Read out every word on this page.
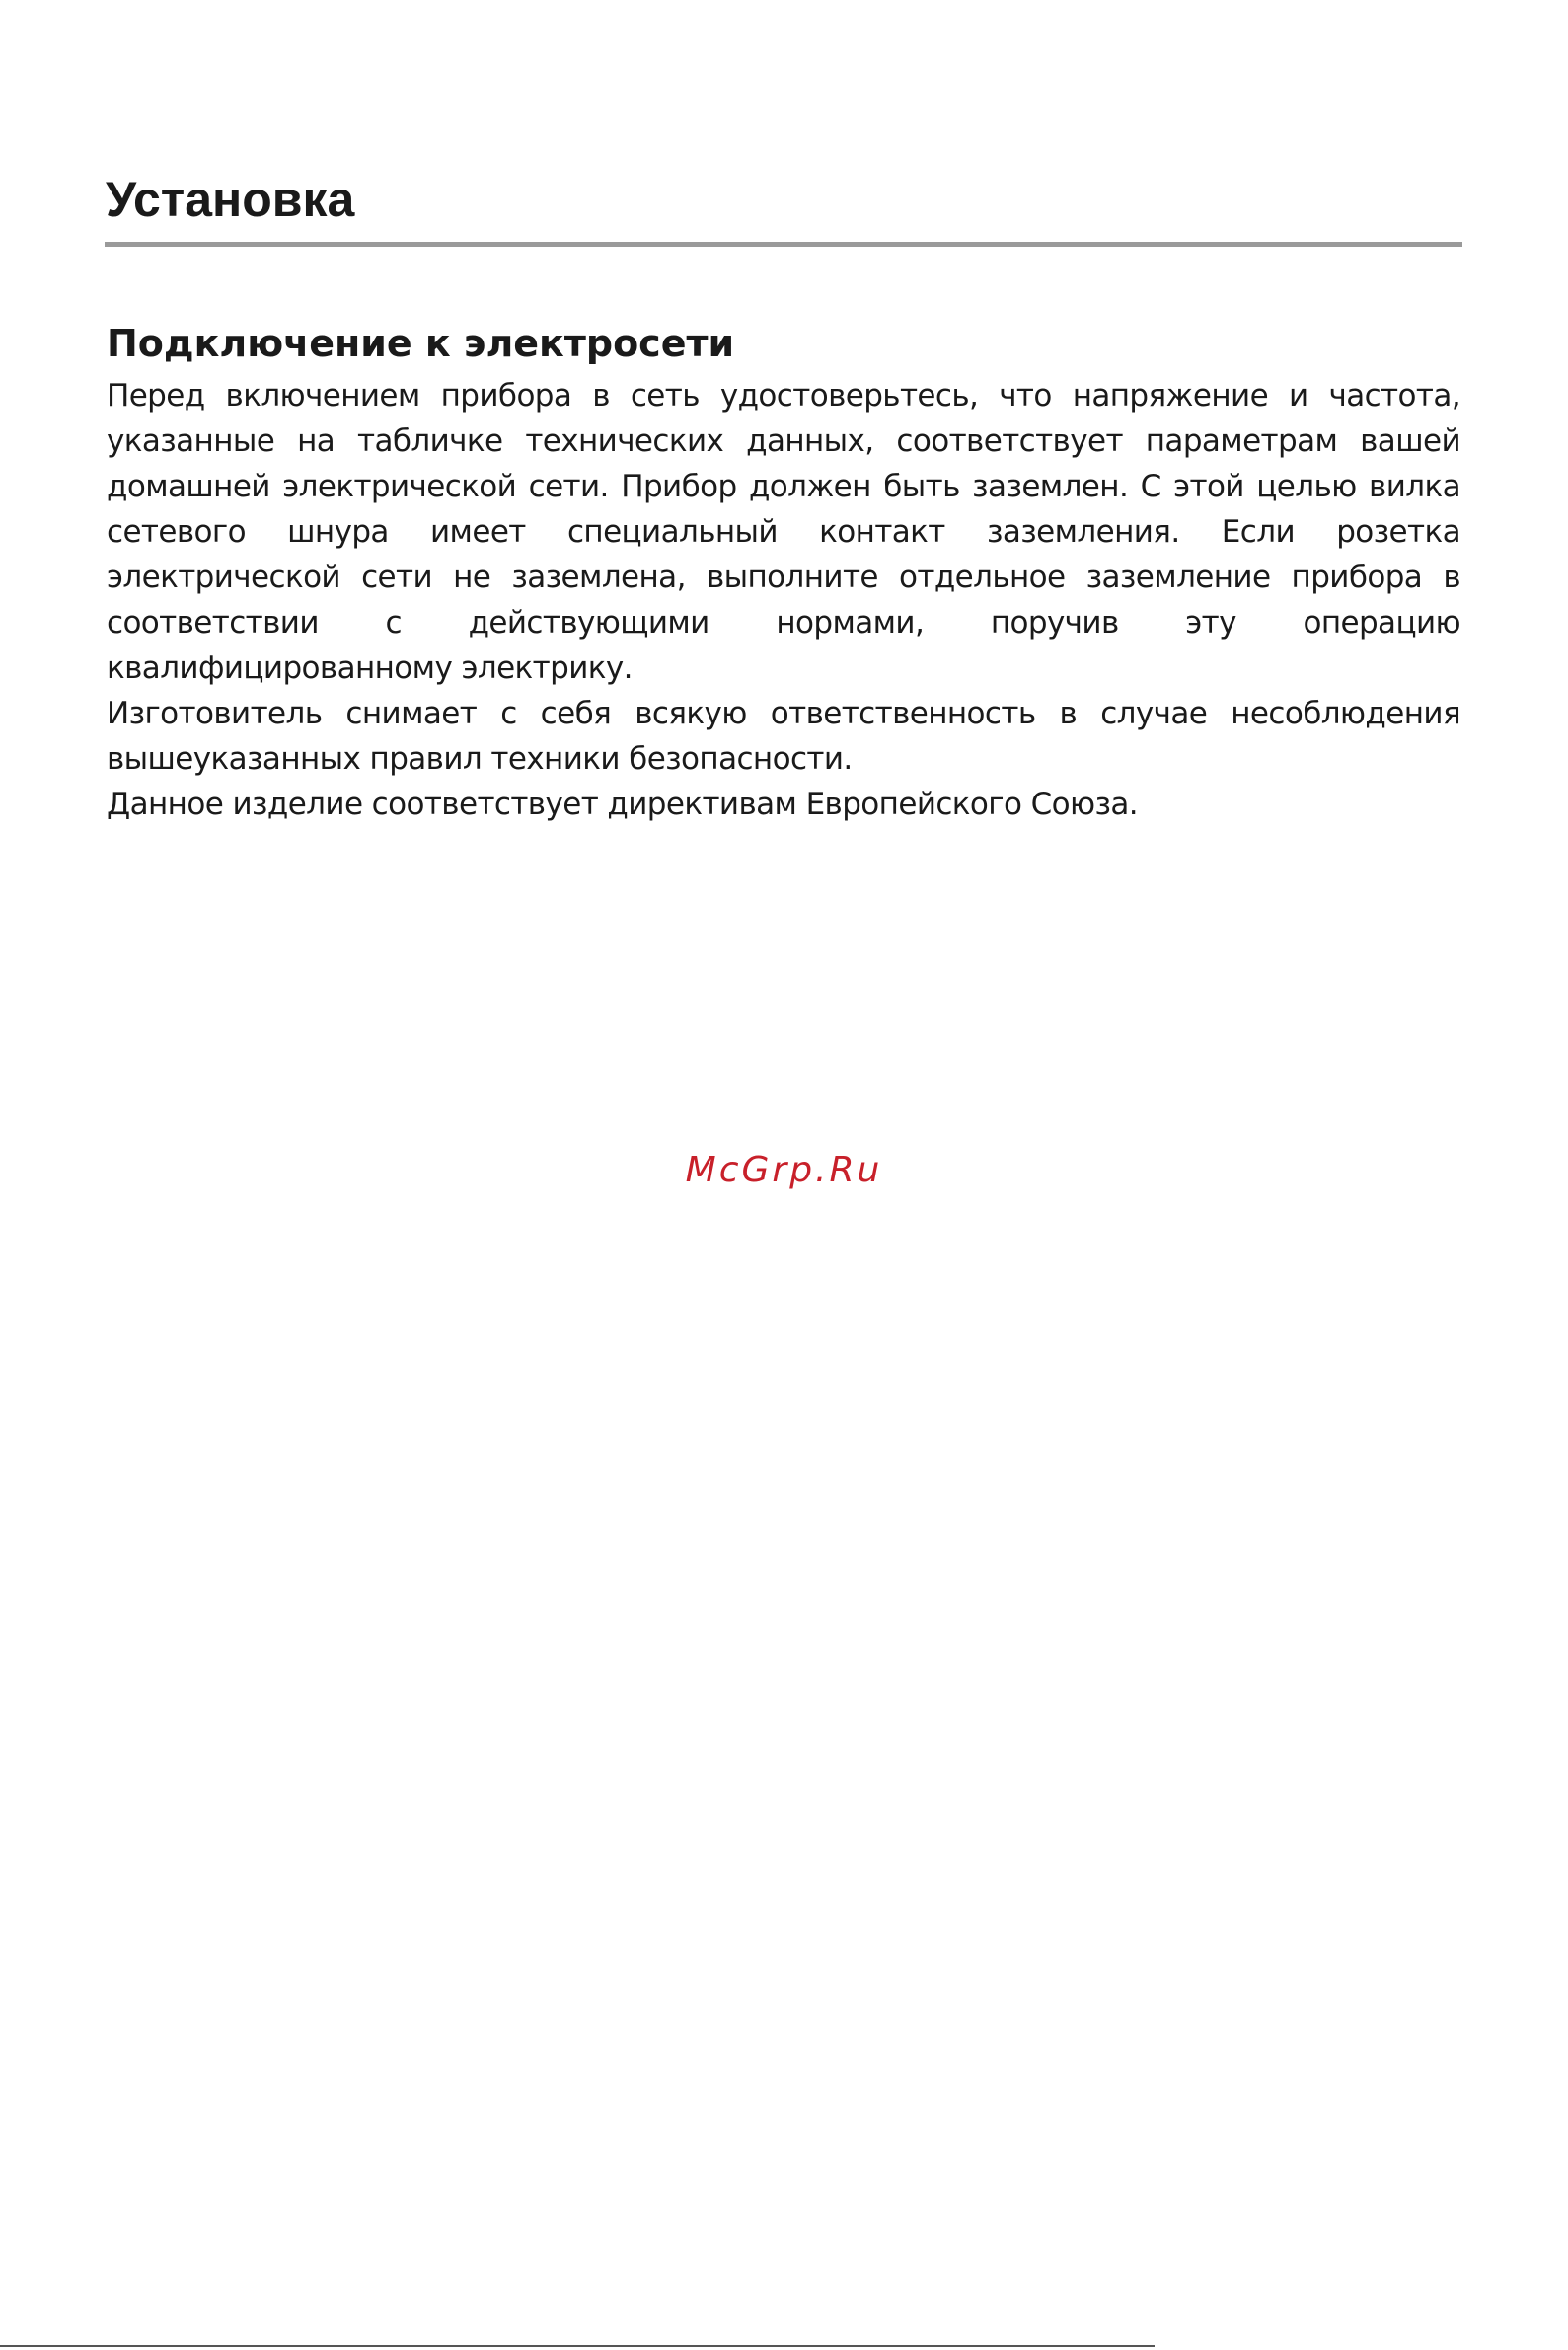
Установка
Подключение к электросети

Перед включением прибора в сеть удостоверьтесь, что напряжение и частота, указанные на табличке технических данных, соответствует параметрам вашей домашней электрической сети. Прибор должен быть заземлен. С этой целью вилка сетевого шнура имеет специальный контакт заземления. Если розетка электрической сети не заземлена, выполните отдельное заземление прибора в соответствии с действующими нормами, поручив эту операцию квалифицированному электрику.

Изготовитель снимает с себя всякую ответственность в случае несоблюдения вышеуказанных правил техники безопасности.

Данное изделие соответствует директивам Европейского Союза.

McGrp.Ru
